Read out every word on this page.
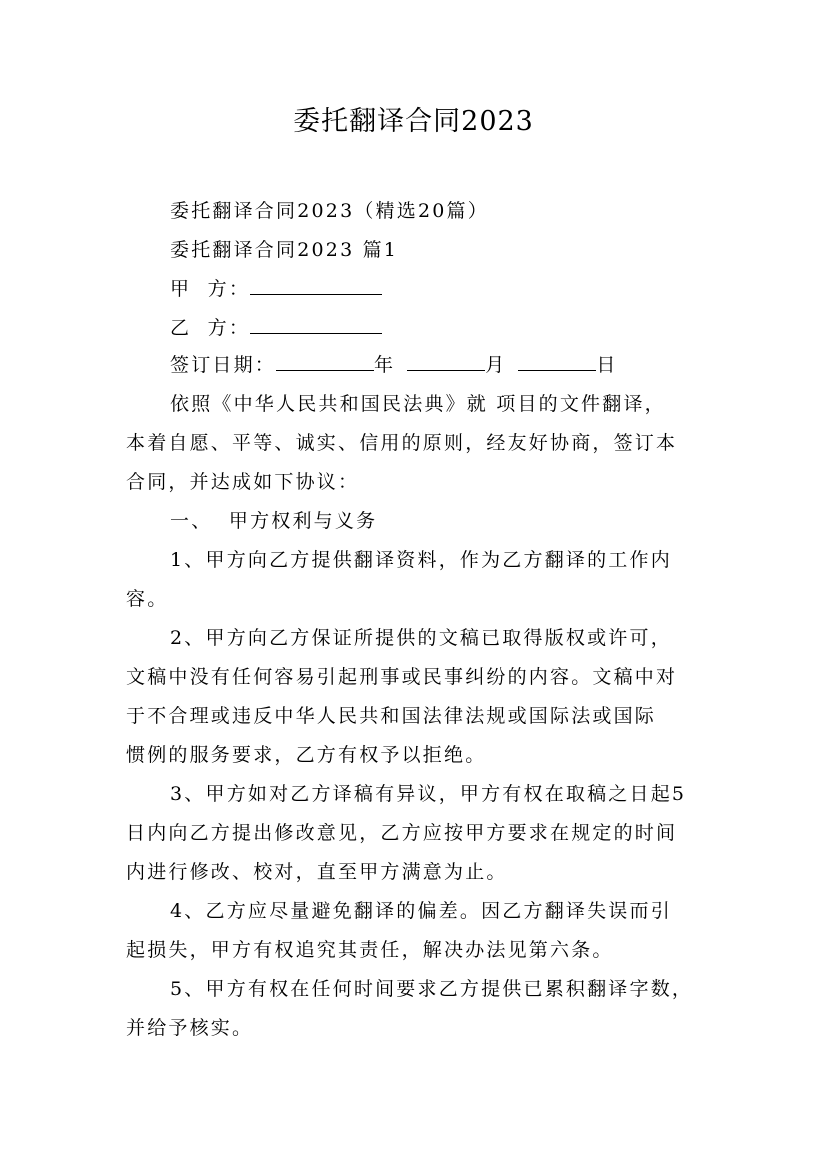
委托翻译合同2023
委托翻译合同2023（精选20篇）
委托翻译合同2023 篇1
甲  方：
乙  方：
签订日期：	年	月	日
依照《中华人民共和国民法典》就 项目的文件翻译，
本着自愿、平等、诚实、信用的原则，经友好协商，签订本
合同，并达成如下协议：
一、  甲方权利与义务
1、甲方向乙方提供翻译资料，作为乙方翻译的工作内
容。
2、甲方向乙方保证所提供的文稿已取得版权或许可，
文稿中没有任何容易引起刑事或民事纠纷的内容。文稿中对
于不合理或违反中华人民共和国法律法规或国际法或国际
惯例的服务要求，乙方有权予以拒绝。
3、甲方如对乙方译稿有异议，甲方有权在取稿之日起5
日内向乙方提出修改意见，乙方应按甲方要求在规定的时间
内进行修改、校对，直至甲方满意为止。
4、乙方应尽量避免翻译的偏差。因乙方翻译失误而引
起损失，甲方有权追究其责任，解决办法见第六条。
5、甲方有权在任何时间要求乙方提供已累积翻译字数，
并给予核实。
